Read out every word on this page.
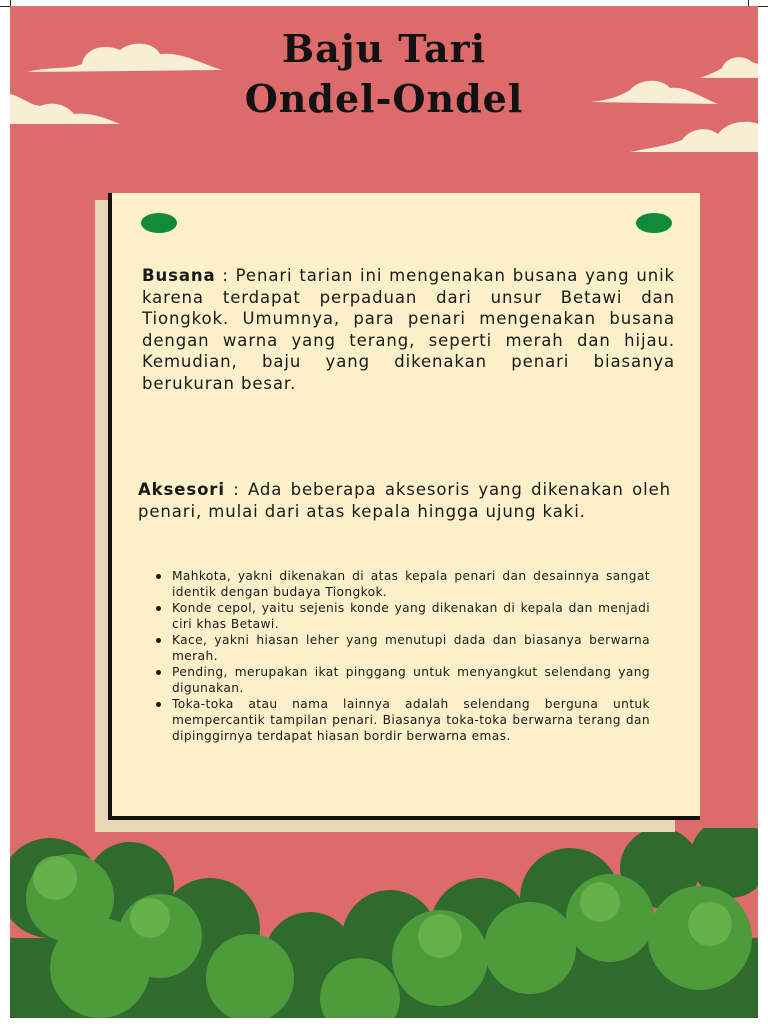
Baju Tari
Ondel-Ondel
Busana : Penari tarian ini mengenakan busana yang unik karena terdapat perpaduan dari unsur Betawi dan Tiongkok. Umumnya, para penari mengenakan busana dengan warna yang terang, seperti merah dan hijau. Kemudian, baju yang dikenakan penari biasanya berukuran besar.
Aksesori : Ada beberapa aksesoris yang dikenakan oleh penari, mulai dari atas kepala hingga ujung kaki.
Mahkota, yakni dikenakan di atas kepala penari dan desainnya sangat identik dengan budaya Tiongkok.
Konde cepol, yaitu sejenis konde yang dikenakan di kepala dan menjadi ciri khas Betawi.
Kace, yakni hiasan leher yang menutupi dada dan biasanya berwarna merah.
Pending, merupakan ikat pinggang untuk menyangkut selendang yang digunakan.
Toka-toka atau nama lainnya adalah selendang berguna untuk mempercantik tampilan penari. Biasanya toka-toka berwarna terang dan dipinggirnya terdapat hiasan bordir berwarna emas.
